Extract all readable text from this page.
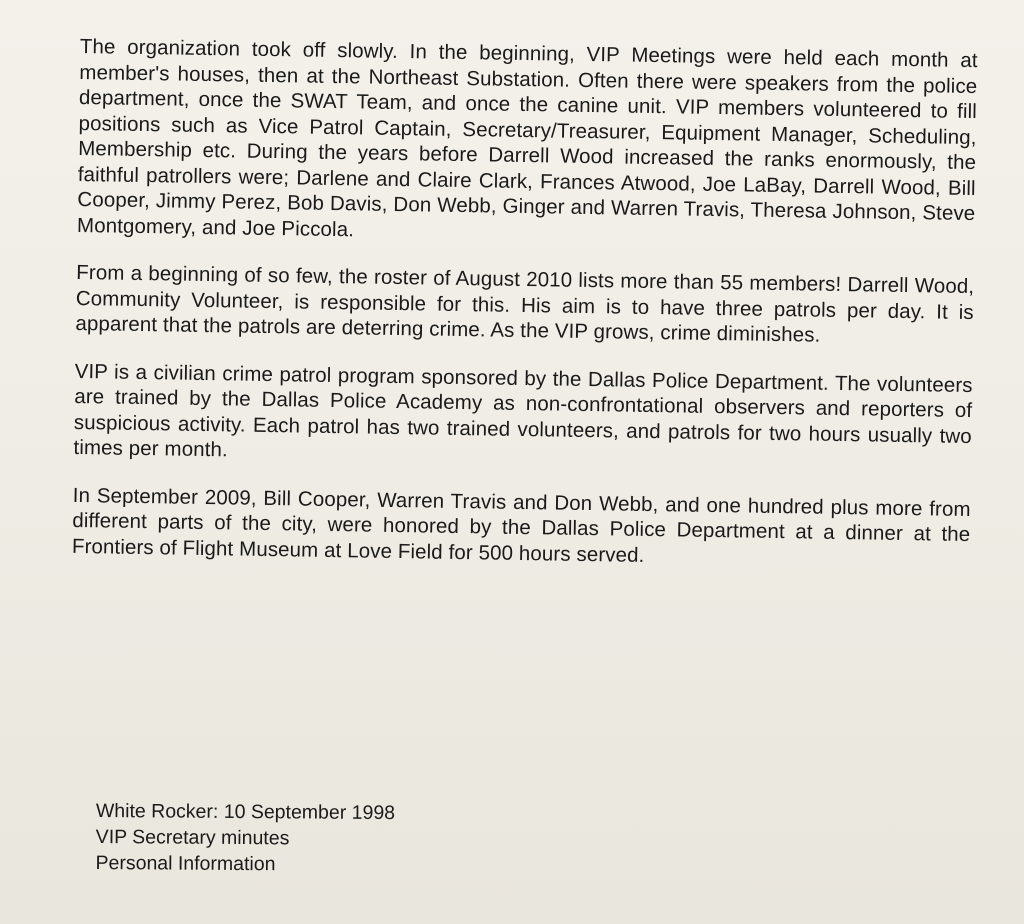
The organization took off slowly. In the beginning, VIP Meetings were held each month at member's houses, then at the Northeast Substation. Often there were speakers from the police department, once the SWAT Team, and once the canine unit. VIP members volunteered to fill positions such as Vice Patrol Captain, Secretary/Treasurer, Equipment Manager, Scheduling, Membership etc. During the years before Darrell Wood increased the ranks enormously, the faithful patrollers were; Darlene and Claire Clark, Frances Atwood, Joe LaBay, Darrell Wood, Bill Cooper, Jimmy Perez, Bob Davis, Don Webb, Ginger and Warren Travis, Theresa Johnson, Steve Montgomery, and Joe Piccola.

From a beginning of so few, the roster of August 2010 lists more than 55 members! Darrell Wood, Community Volunteer, is responsible for this. His aim is to have three patrols per day. It is apparent that the patrols are deterring crime. As the VIP grows, crime diminishes.

VIP is a civilian crime patrol program sponsored by the Dallas Police Department. The volunteers are trained by the Dallas Police Academy as non-confrontational observers and reporters of suspicious activity. Each patrol has two trained volunteers, and patrols for two hours usually two times per month.

In September 2009, Bill Cooper, Warren Travis and Don Webb, and one hundred plus more from different parts of the city, were honored by the Dallas Police Department at a dinner at the Frontiers of Flight Museum at Love Field for 500 hours served.

White Rocker: 10 September 1998
VIP Secretary minutes
Personal Information
